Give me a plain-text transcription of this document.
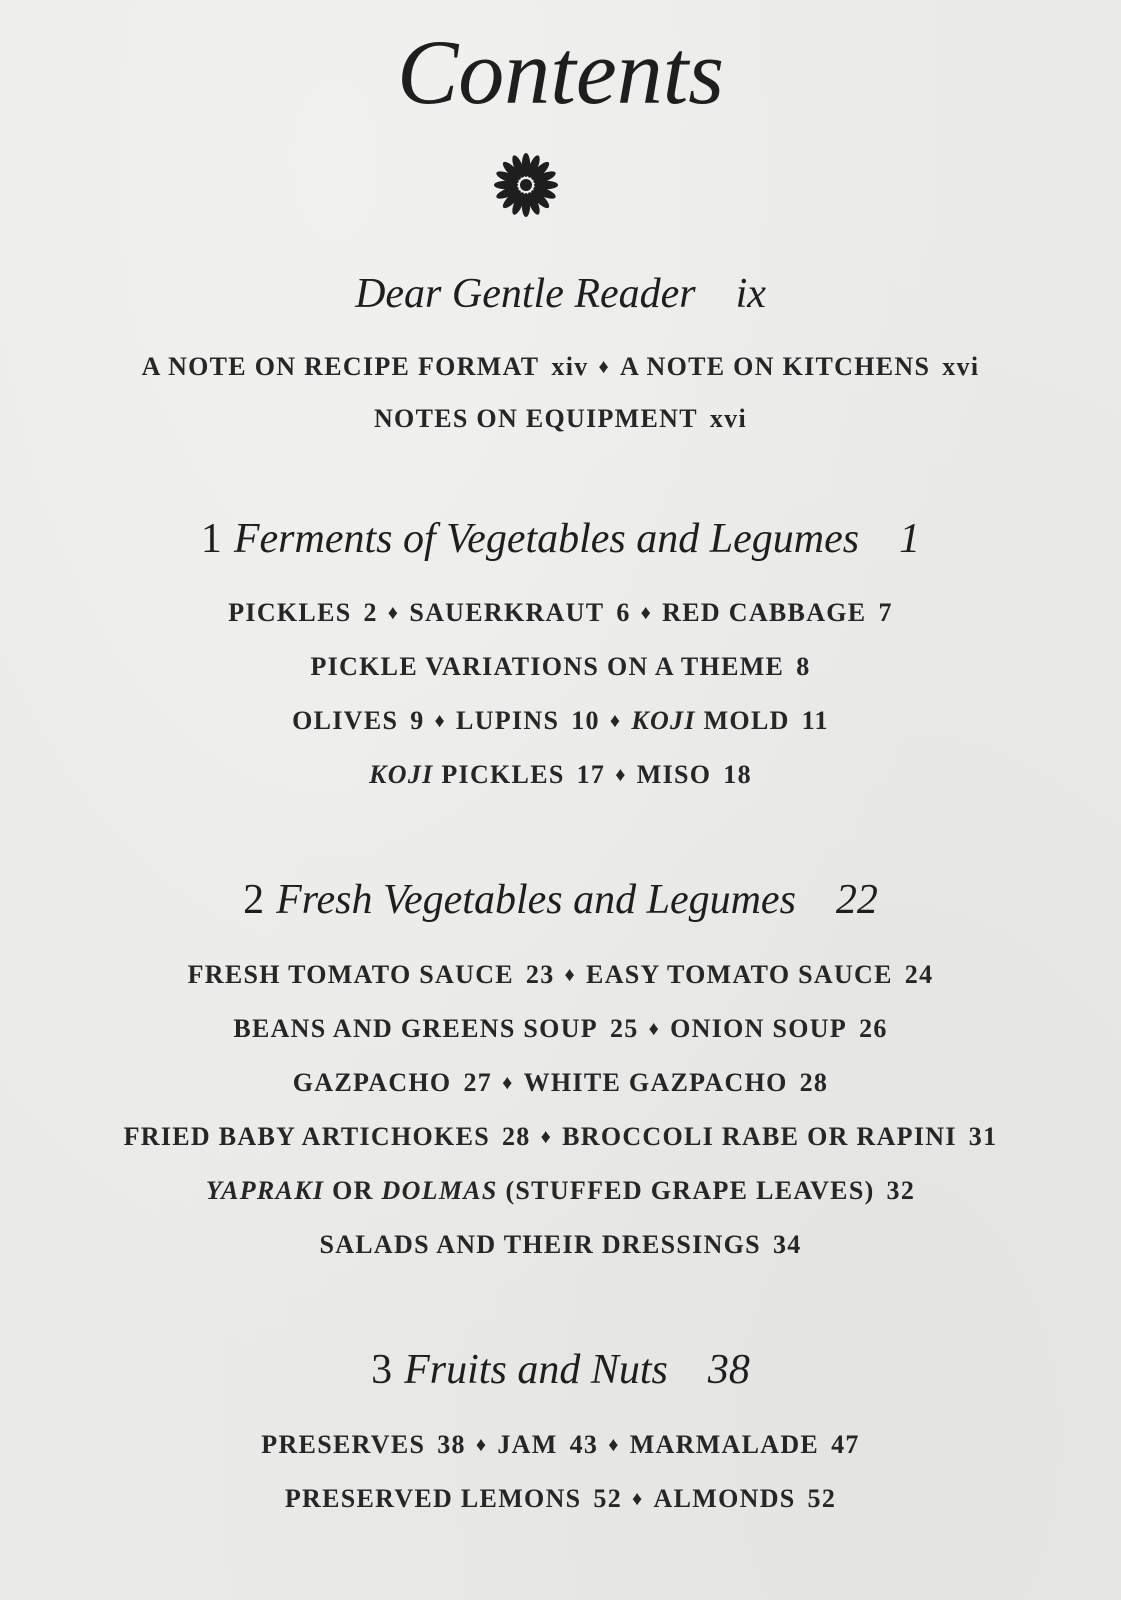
Contents
Dear Gentle Reader ix
A NOTE ON RECIPE FORMAT xiv ♦ A NOTE ON KITCHENS xvi
NOTES ON EQUIPMENT xvi
1 Ferments of Vegetables and Legumes 1
PICKLES 2 ♦ SAUERKRAUT 6 ♦ RED CABBAGE 7
PICKLE VARIATIONS ON A THEME 8
OLIVES 9 ♦ LUPINS 10 ♦ KOJI MOLD 11
KOJI PICKLES 17 ♦ MISO 18
2 Fresh Vegetables and Legumes 22
FRESH TOMATO SAUCE 23 ♦ EASY TOMATO SAUCE 24
BEANS AND GREENS SOUP 25 ♦ ONION SOUP 26
GAZPACHO 27 ♦ WHITE GAZPACHO 28
FRIED BABY ARTICHOKES 28 ♦ BROCCOLI RABE OR RAPINI 31
YAPRAKI OR DOLMAS (STUFFED GRAPE LEAVES) 32
SALADS AND THEIR DRESSINGS 34
3 Fruits and Nuts 38
PRESERVES 38 ♦ JAM 43 ♦ MARMALADE 47
PRESERVED LEMONS 52 ♦ ALMONDS 52
